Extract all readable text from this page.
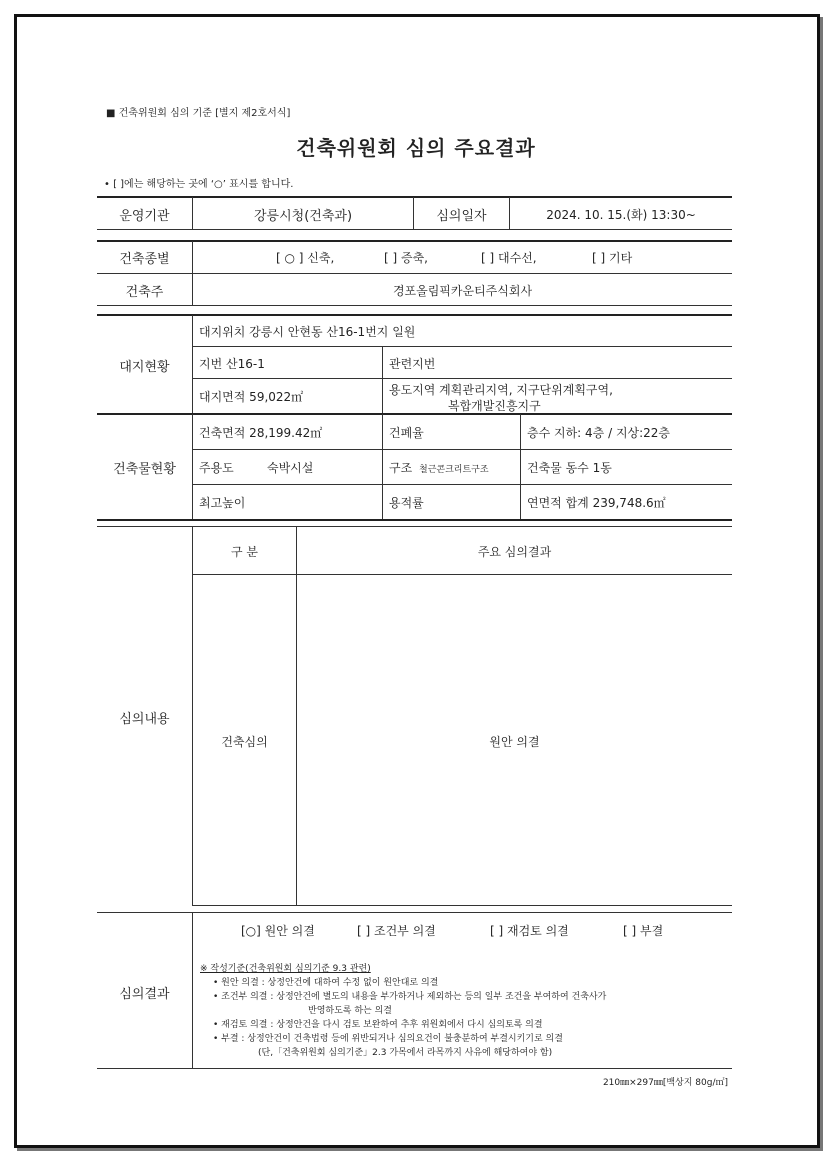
■ 건축위원회 심의 기준 [별지 제2호서식]
건축위원회 심의 주요결과
• [ ]에는 해당하는 곳에 ‘○’ 표시를 합니다.
운영기관	강릉시청(건축과)	심의일자	2024. 10. 15.(화) 13:30~
건축종별	[ ○ ] 신축,	[ ] 증축,	[ ] 대수선,	[ ] 기타
건축주	경포올림픽카운티주식회사
대지현황
대지위치 강릉시 안현동 산16-1번지 일원
지번 산16-1	관련지번
대지면적 59,022㎡	용도지역 계획관리지역, 지구단위계획구역,
복합개발진흥지구
건축물현황
건축면적 28,199.42㎡	건폐율	층수 지하: 4층 / 지상:22층
주용도	숙박시설	구조 철근콘크리트구조	건축물 동수 1동
최고높이	용적률	연면적 합계 239,748.6㎡
심의내용
구 분	주요 심의결과
건축심의	원안 의결
심의결과
[○] 원안 의결	[ ] 조건부 의결	[ ] 재검토 의결	[ ] 부결
※ 작성기준(건축위원회 심의기준 9.3 관련)
• 원안 의결 : 상정안건에 대하여 수정 없이 원안대로 의결
• 조건부 의결 : 상정안건에 별도의 내용을 부가하거나 제외하는 등의 일부 조건을 부여하여 건축사가
반영하도록 하는 의결
• 재검토 의결 : 상정안건을 다시 검토 보완하여 추후 위원회에서 다시 심의토록 의결
• 부결 : 상정안건이 건축법령 등에 위반되거나 심의요건이 불충분하여 부결시키기로 의결
(단,「건축위원회 심의기준」2.3 가목에서 라목까지 사유에 해당하여야 함)
210㎜×297㎜[백상지 80g/㎡]
